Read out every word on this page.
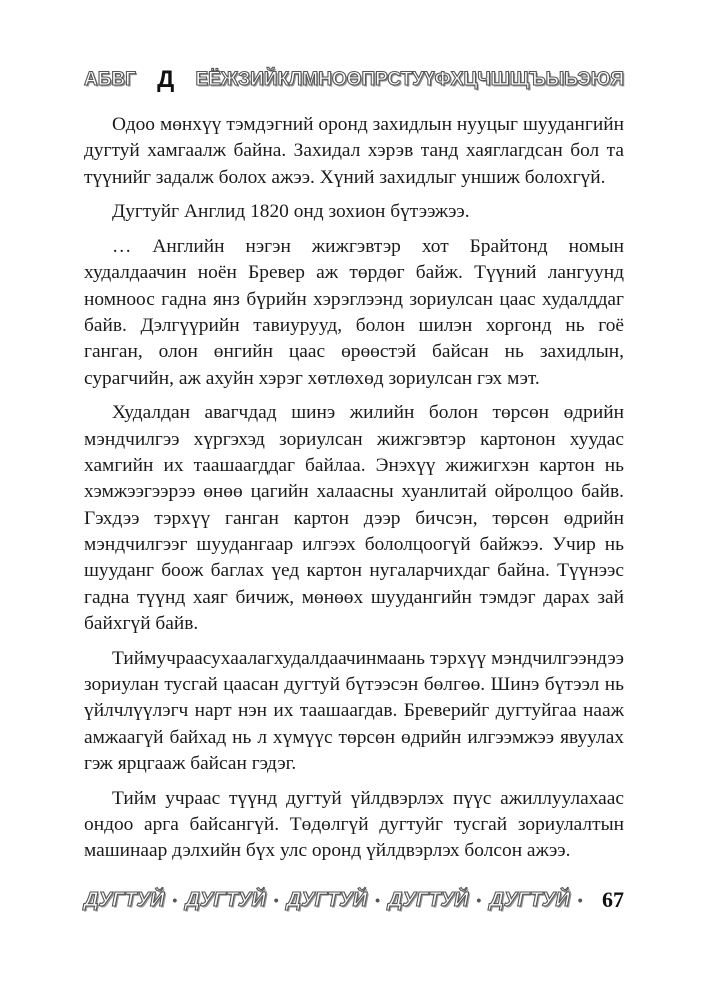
АБВГ Д ЕЁЖЗИЙКЛМНОӨПРСТУҮФХЦЧШЩЪЫЬЭЮЯ

Одоо мөнхүү тэмдэгний оронд захидлын нууцыг шуудангийн дугтуй хамгаалж байна. Захидал хэрэв танд хаяглагдсан бол та түүнийг задалж болох ажээ. Хүний захидлыг уншиж болохгүй.

Дугтуйг Англид 1820 онд зохион бүтээжээ.

… Английн нэгэн жижгэвтэр хот Брайтонд номын худалдаачин ноён Бревер аж төрдөг байж. Түүний лангуунд номноос гадна янз бүрийн хэрэглээнд зориулсан цаас худалддаг байв. Дэлгүүрийн тавиурууд, болон шилэн хоргонд нь гоё ганган, олон өнгийн цаас өрөөстэй байсан нь захидлын, сурагчийн, аж ахуйн хэрэг хөтлөхөд зориулсан гэх мэт.

Худалдан авагчдад шинэ жилийн болон төрсөн өдрийн мэндчилгээ хүргэхэд зориулсан жижгэвтэр картонон хуудас хамгийн их таашаагддаг байлаа. Энэхүү жижигхэн картон нь хэмжээгээрээ өнөө цагийн халаасны хуанлитай ойролцоо байв. Гэхдээ тэрхүү ганган картон дээр бичсэн, төрсөн өдрийн мэндчилгээг шуудангаар илгээх бололцоогүй байжээ. Учир нь шууданг боож баглах үед картон нугаларчихдаг байна. Түүнээс гадна түүнд хаяг бичиж, мөнөөх шуудангийн тэмдэг дарах зай байхгүй байв.

Тиймучраасухаалагхудалдаачинмаань тэрхүү мэндчилгээндээ зориулан тусгай цаасан дугтуй бүтээсэн бөлгөө. Шинэ бүтээл нь үйлчлүүлэгч нарт нэн их таашаагдав. Бреверийг дугтуйгаа нааж амжаагүй байхад нь л хүмүүс төрсөн өдрийн илгээмжээ явуулах гэж ярцгааж байсан гэдэг.

Тийм учраас түүнд дугтуй үйлдвэрлэх пүүс ажиллуулахаас ондоо арга байсангүй. Төдөлгүй дугтуйг тусгай зориулалтын машинаар дэлхийн бүх улс оронд үйлдвэрлэх болсон ажээ.

ДУГТУЙ • ДУГТУЙ • ДУГТУЙ • ДУГТУЙ • ДУГТУЙ • 67
